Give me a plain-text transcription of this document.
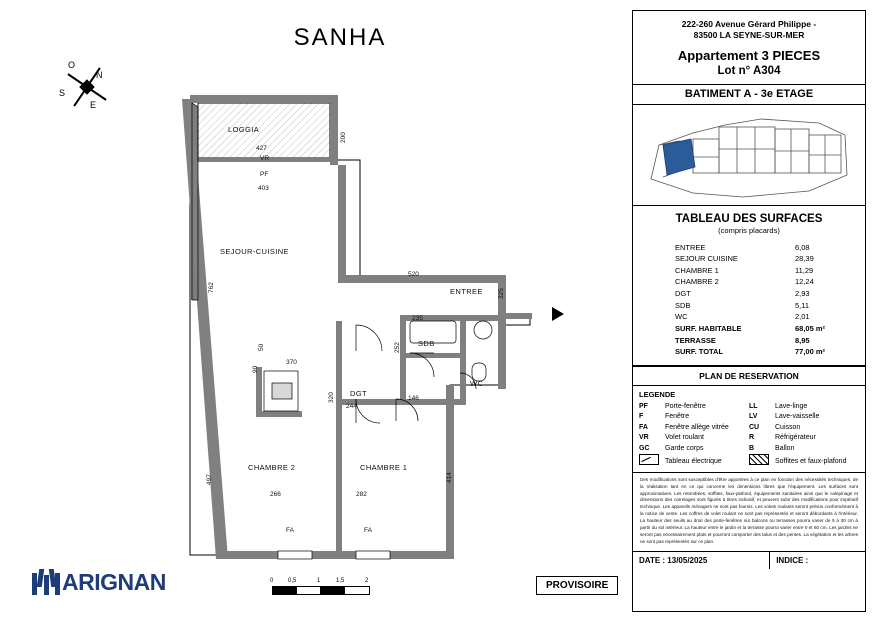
SANHA
N
S
O
E
LOGGIA
SEJOUR-CUISINE
ENTREE
SDB
WC
DGT
CHAMBRE 2	CHAMBRE 1
427
200
VR
PF
403
762
520
325
235
252
370
244
320	146
414
497
266	282
FA	FA
50
90
0 0,5	1	1,5	2
ARIGNAN	PROVISOIRE
222-260 Avenue Gérard Philippe -
83500 LA SEYNE-SUR-MER
Appartement 3 PIECES
Lot n° A304
BATIMENT A - 3e ETAGE
TABLEAU DES SURFACES
(compris placards)
ENTREE	6,08
SEJOUR CUISINE	28,39
CHAMBRE 1	11,29
CHAMBRE 2	12,24
DGT	2,93
SDB	5,11
WC	2,01
SURF. HABITABLE	68,05 m²
TERRASSE	8,95
SURF. TOTAL	77,00 m²
PLAN DE RESERVATION
LEGENDE
PF	Porte-fenêtre
F	Fenêtre
FA	Fenêtre allège vitrée
VR	Volet roulant
GC	Garde corps
Tableau électrique
LL	Lave-linge
LV	Lave-vaisselle
CU	Cuisson
R	Réfrigérateur
B	Ballon
Soffites et faux-plafond
Des modifications sont susceptibles d'être apportées à ce plan en fonction des nécessités techniques, de la réalisation tant en ce qui concerne les dimensions libres que l'équipement. Les surfaces sont approximatives. Les retombées, soffites, faux-plafond, équipements sanitaires ainsi que le calepinage et dimensions des carrelages sont figurés à titres indicatif, et peuvent subir des modifications pour impératif technique. Les appareils ménagers ne sont pas fournis. Les volets roulants seront prévus conformément à la notice de vente. Les coffres de volet roulant ne sont pas représentés et seront débordants à l'intérieur. La hauteur des seuils au droit des porte-fenêtres sur balcons ou terrasses pourra varier de 5 à 30 cm à partir du sol intérieur. La hauteur entre le jardin et la terrasse pourra varier entre 0 et 60 cm. Les jardins ne seront pas nécessairement plats et pourront comporter des talus et des pentes. La végétation et les arbres ne sont pas représentés sur ce plan.
DATE : 13/05/2025	INDICE :
